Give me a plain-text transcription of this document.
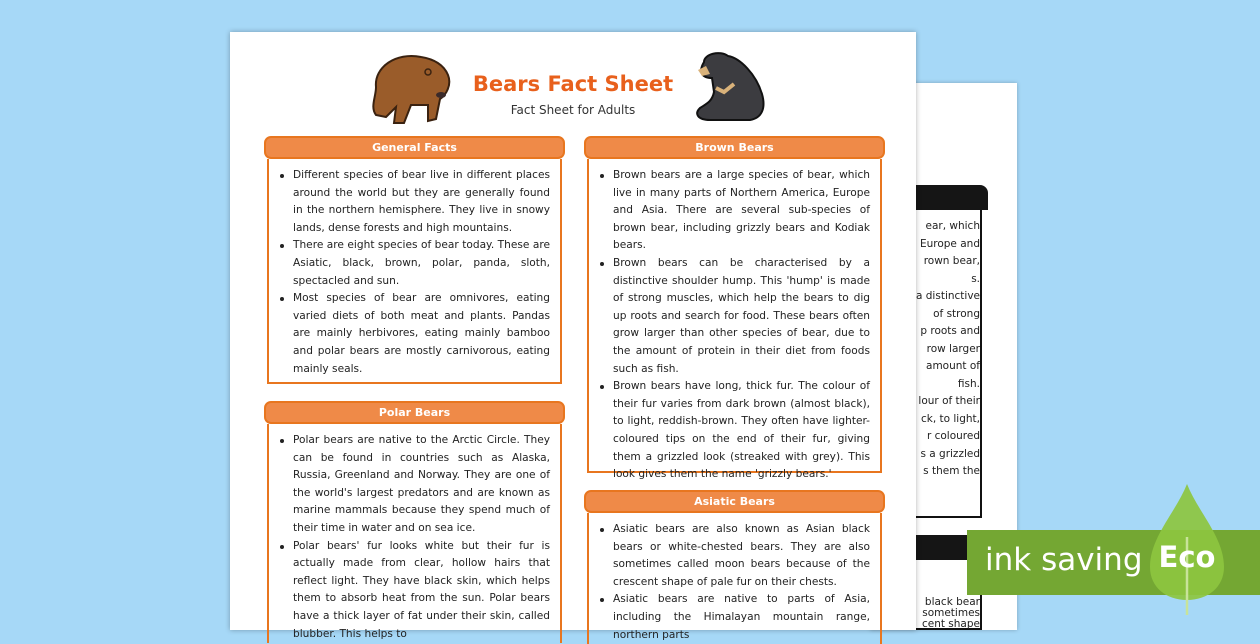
ear, which
Europe and
rown bear,
s.
a distinctive
of strong
p roots and
row larger
amount of
fish.
lour of their
ck, to light,
r coloured
s a grizzled
s them the
black bear
sometimes
cent shape
Bears Fact Sheet
Fact Sheet for Adults
General Facts
Different species of bear live in different places around the world but they are generally found in the northern hemisphere. They live in snowy lands, dense forests and high mountains.
There are eight species of bear today. These are Asiatic, black, brown, polar, panda, sloth, spectacled and sun.
Most species of bear are omnivores, eating varied diets of both meat and plants. Pandas are mainly herbivores, eating mainly bamboo and polar bears are mostly carnivorous, eating mainly seals.
Polar Bears
Polar bears are native to the Arctic Circle. They can be found in countries such as Alaska, Russia, Greenland and Norway. They are one of the world's largest predators and are known as marine mammals because they spend much of their time in water and on sea ice.
Polar bears' fur looks white but their fur is actually made from clear, hollow hairs that reflect light. They have black skin, which helps them to absorb heat from the sun. Polar bears have a thick layer of fat under their skin, called blubber. This helps to
Brown Bears
Brown bears are a large species of bear, which live in many parts of Northern America, Europe and Asia. There are several sub-species of brown bear, including grizzly bears and Kodiak bears.
Brown bears can be characterised by a distinctive shoulder hump. This 'hump' is made of strong muscles, which help the bears to dig up roots and search for food. These bears often grow larger than other species of bear, due to the amount of protein in their diet from foods such as fish.
Brown bears have long, thick fur. The colour of their fur varies from dark brown (almost black), to light, reddish-brown. They often have lighter-coloured tips on the end of their fur, giving them a grizzled look (streaked with grey). This look gives them the name 'grizzly bears.'
Asiatic Bears
Asiatic bears are also known as Asian black bears or white-chested bears. They are also sometimes called moon bears because of the crescent shape of pale fur on their chests.
Asiatic bears are native to parts of Asia, including the Himalayan mountain range, northern parts
ink saving Eco
